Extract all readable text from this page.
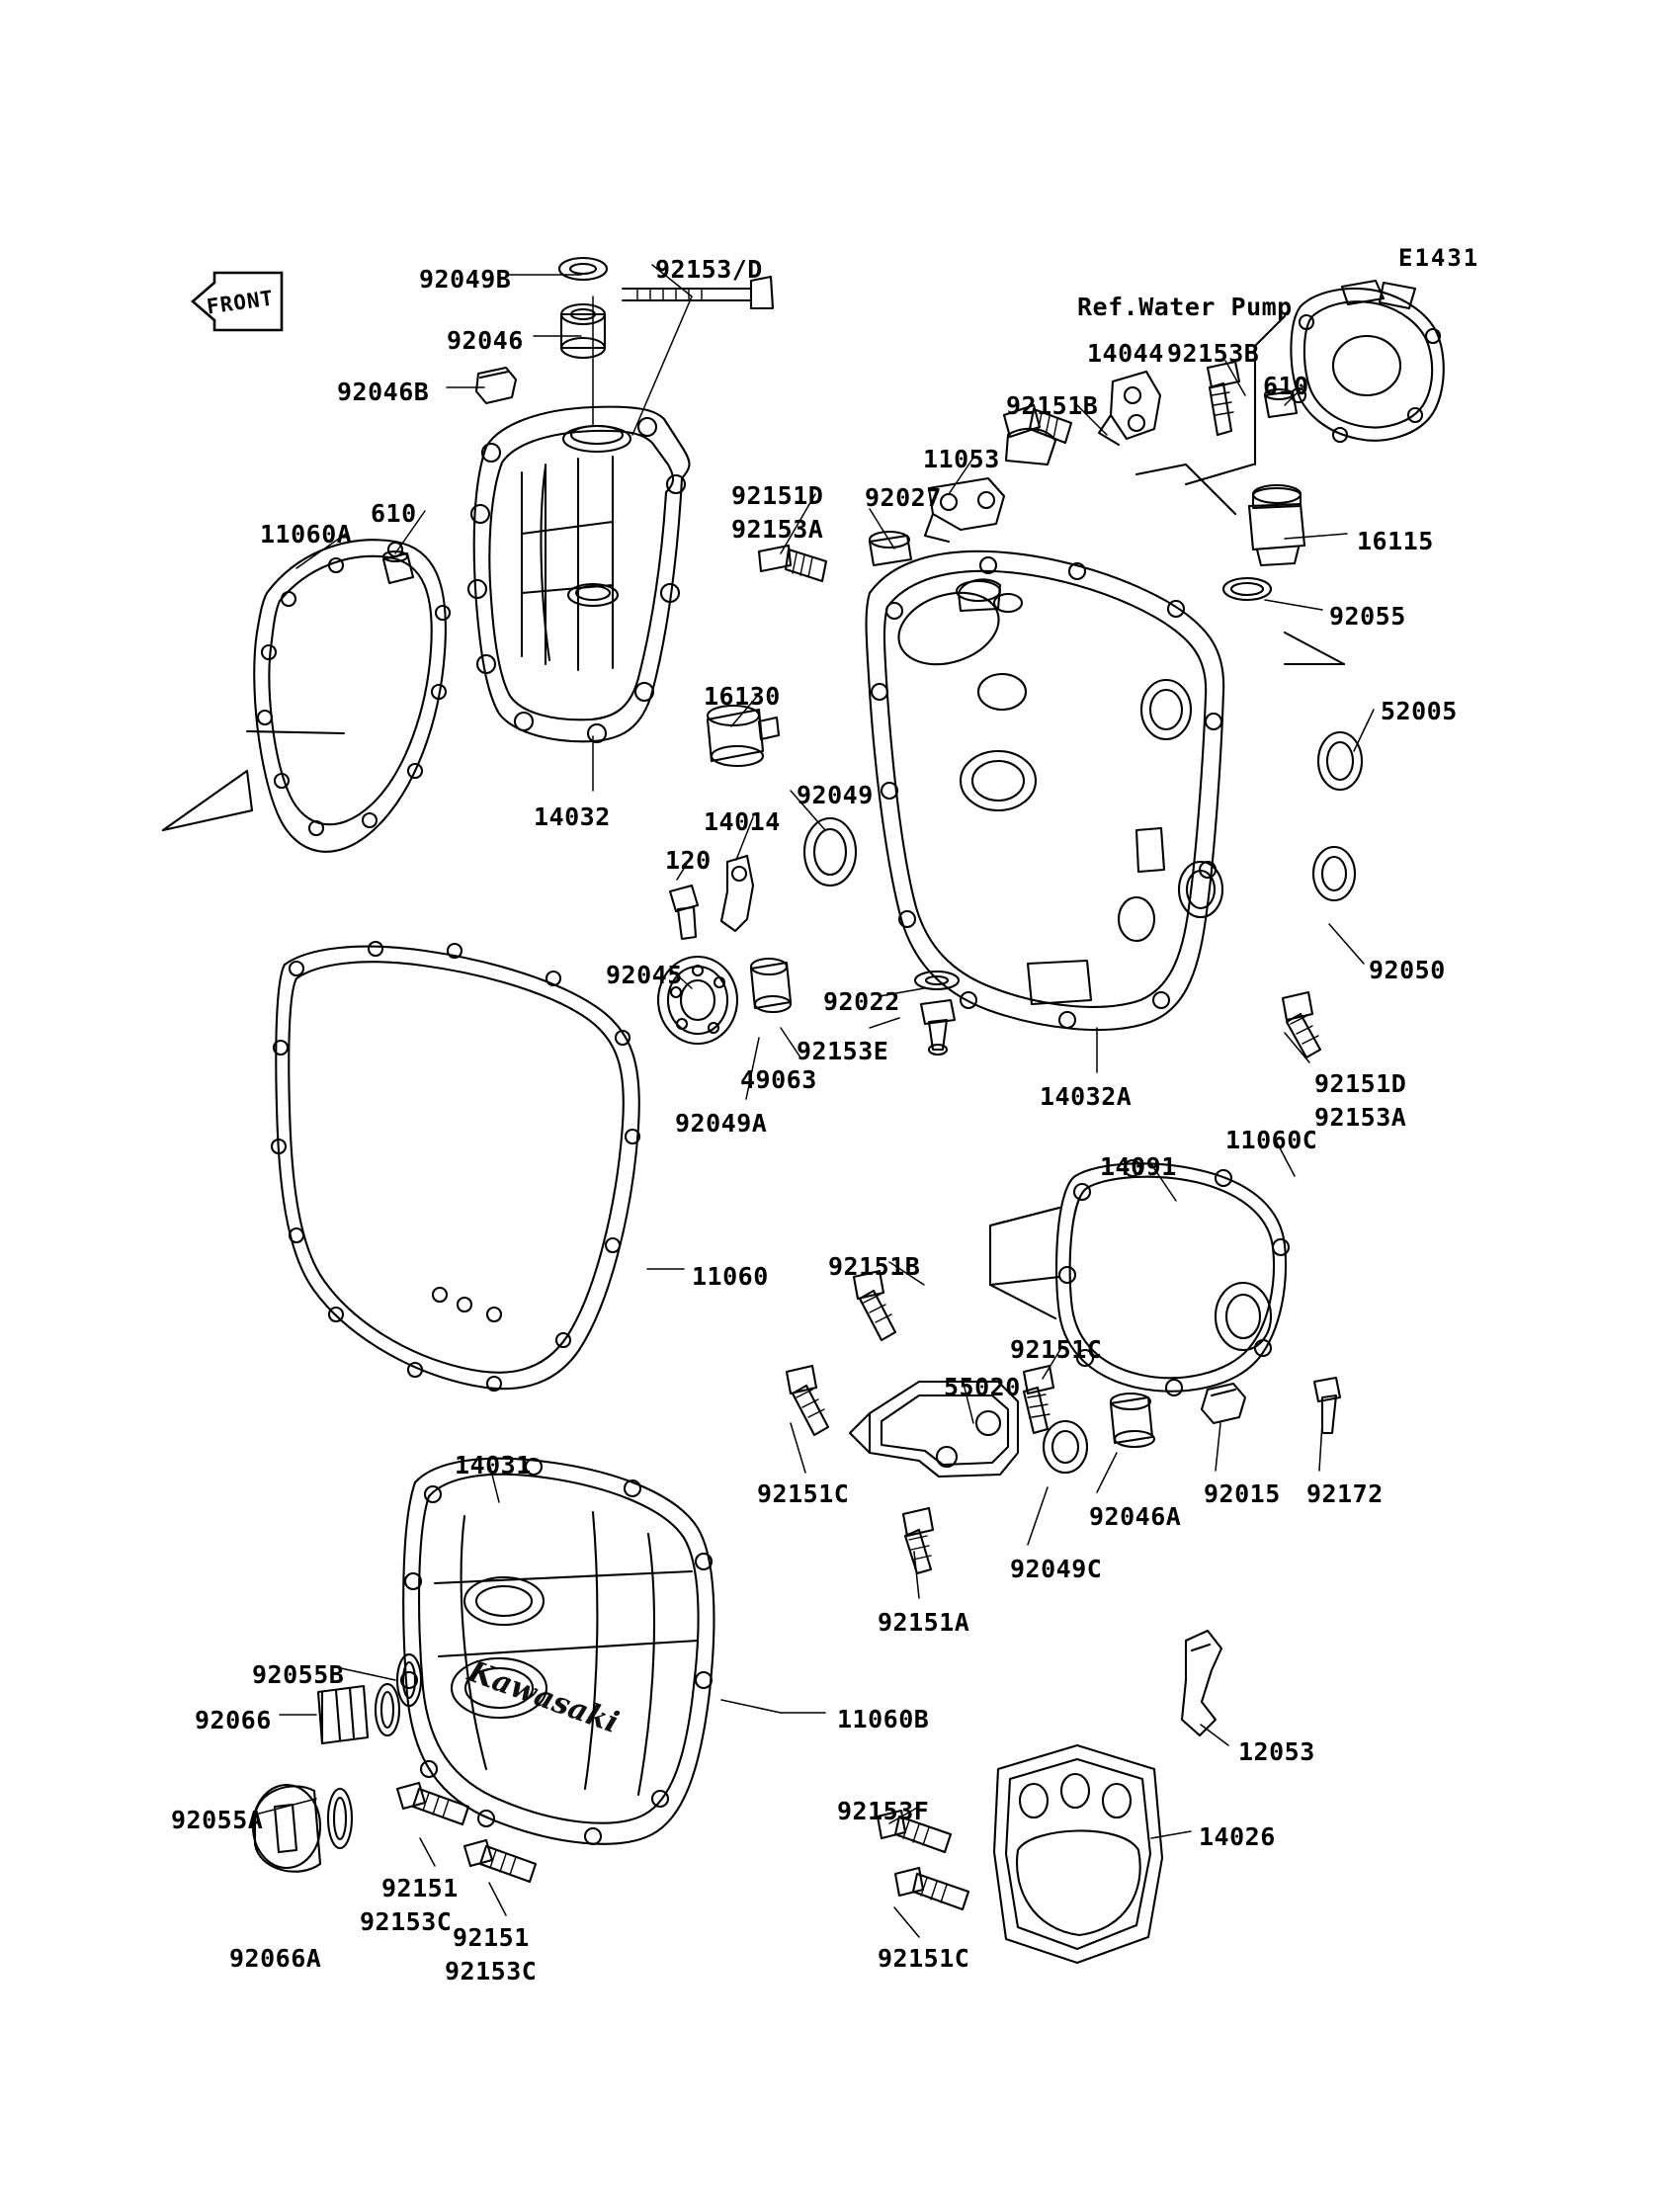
E1431
FRONT
Kawasaki
Ref.Water Pump
92049B	92153/D
92046
92046B
11060A
610
92151D
92153A
92027
11053
92151B
14044 92153B
610
16115
92055
52005
92050
92151D
92153A
14032
16130
14014
120
92049
92045
92022
92153E
49063
92049A
14032A
11060
14091
11060C
92151B
92151C
55020
92015 92172
92046A
92049C
92151C
92151A
14031
92055B
92066
92055A
92066A
92151
92153C
92151
92153C
11060B
92153F
12053
14026
92151C
